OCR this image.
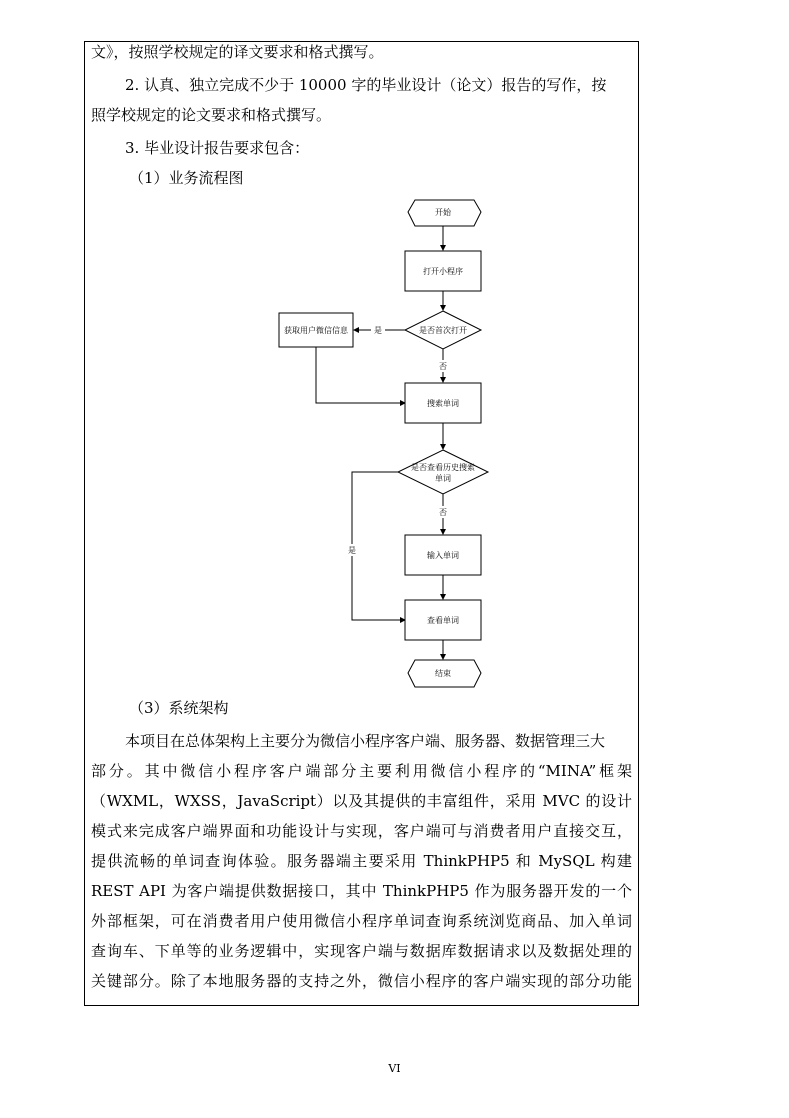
文》，按照学校规定的译文要求和格式撰写。
2. 认真、独立完成不少于 10000 字的毕业设计（论文）报告的写作，按
照学校规定的论文要求和格式撰写。
3. 毕业设计报告要求包含：
（1）业务流程图
开始
打开小程序
是否首次打开
获取用户微信信息	是
否
搜索单词
是否查看历史搜索
单词
否
是
输入单词
查看单词
结束
（3）系统架构
本项目在总体架构上主要分为微信小程序客户端、服务器、数据管理三大
部分。其中微信小程序客户端部分主要利用微信小程序的“MINA”框架
（WXML，WXSS，JavaScript）以及其提供的丰富组件，采用 MVC 的设计
模式来完成客户端界面和功能设计与实现，客户端可与消费者用户直接交互，
提供流畅的单词查询体验。服务器端主要采用 ThinkPHP5 和 MySQL 构建
REST API 为客户端提供数据接口，其中 ThinkPHP5 作为服务器开发的一个
外部框架，可在消费者用户使用微信小程序单词查询系统浏览商品、加入单词
查询车、下单等的业务逻辑中，实现客户端与数据库数据请求以及数据处理的
关键部分。除了本地服务器的支持之外，微信小程序的客户端实现的部分功能
VI
